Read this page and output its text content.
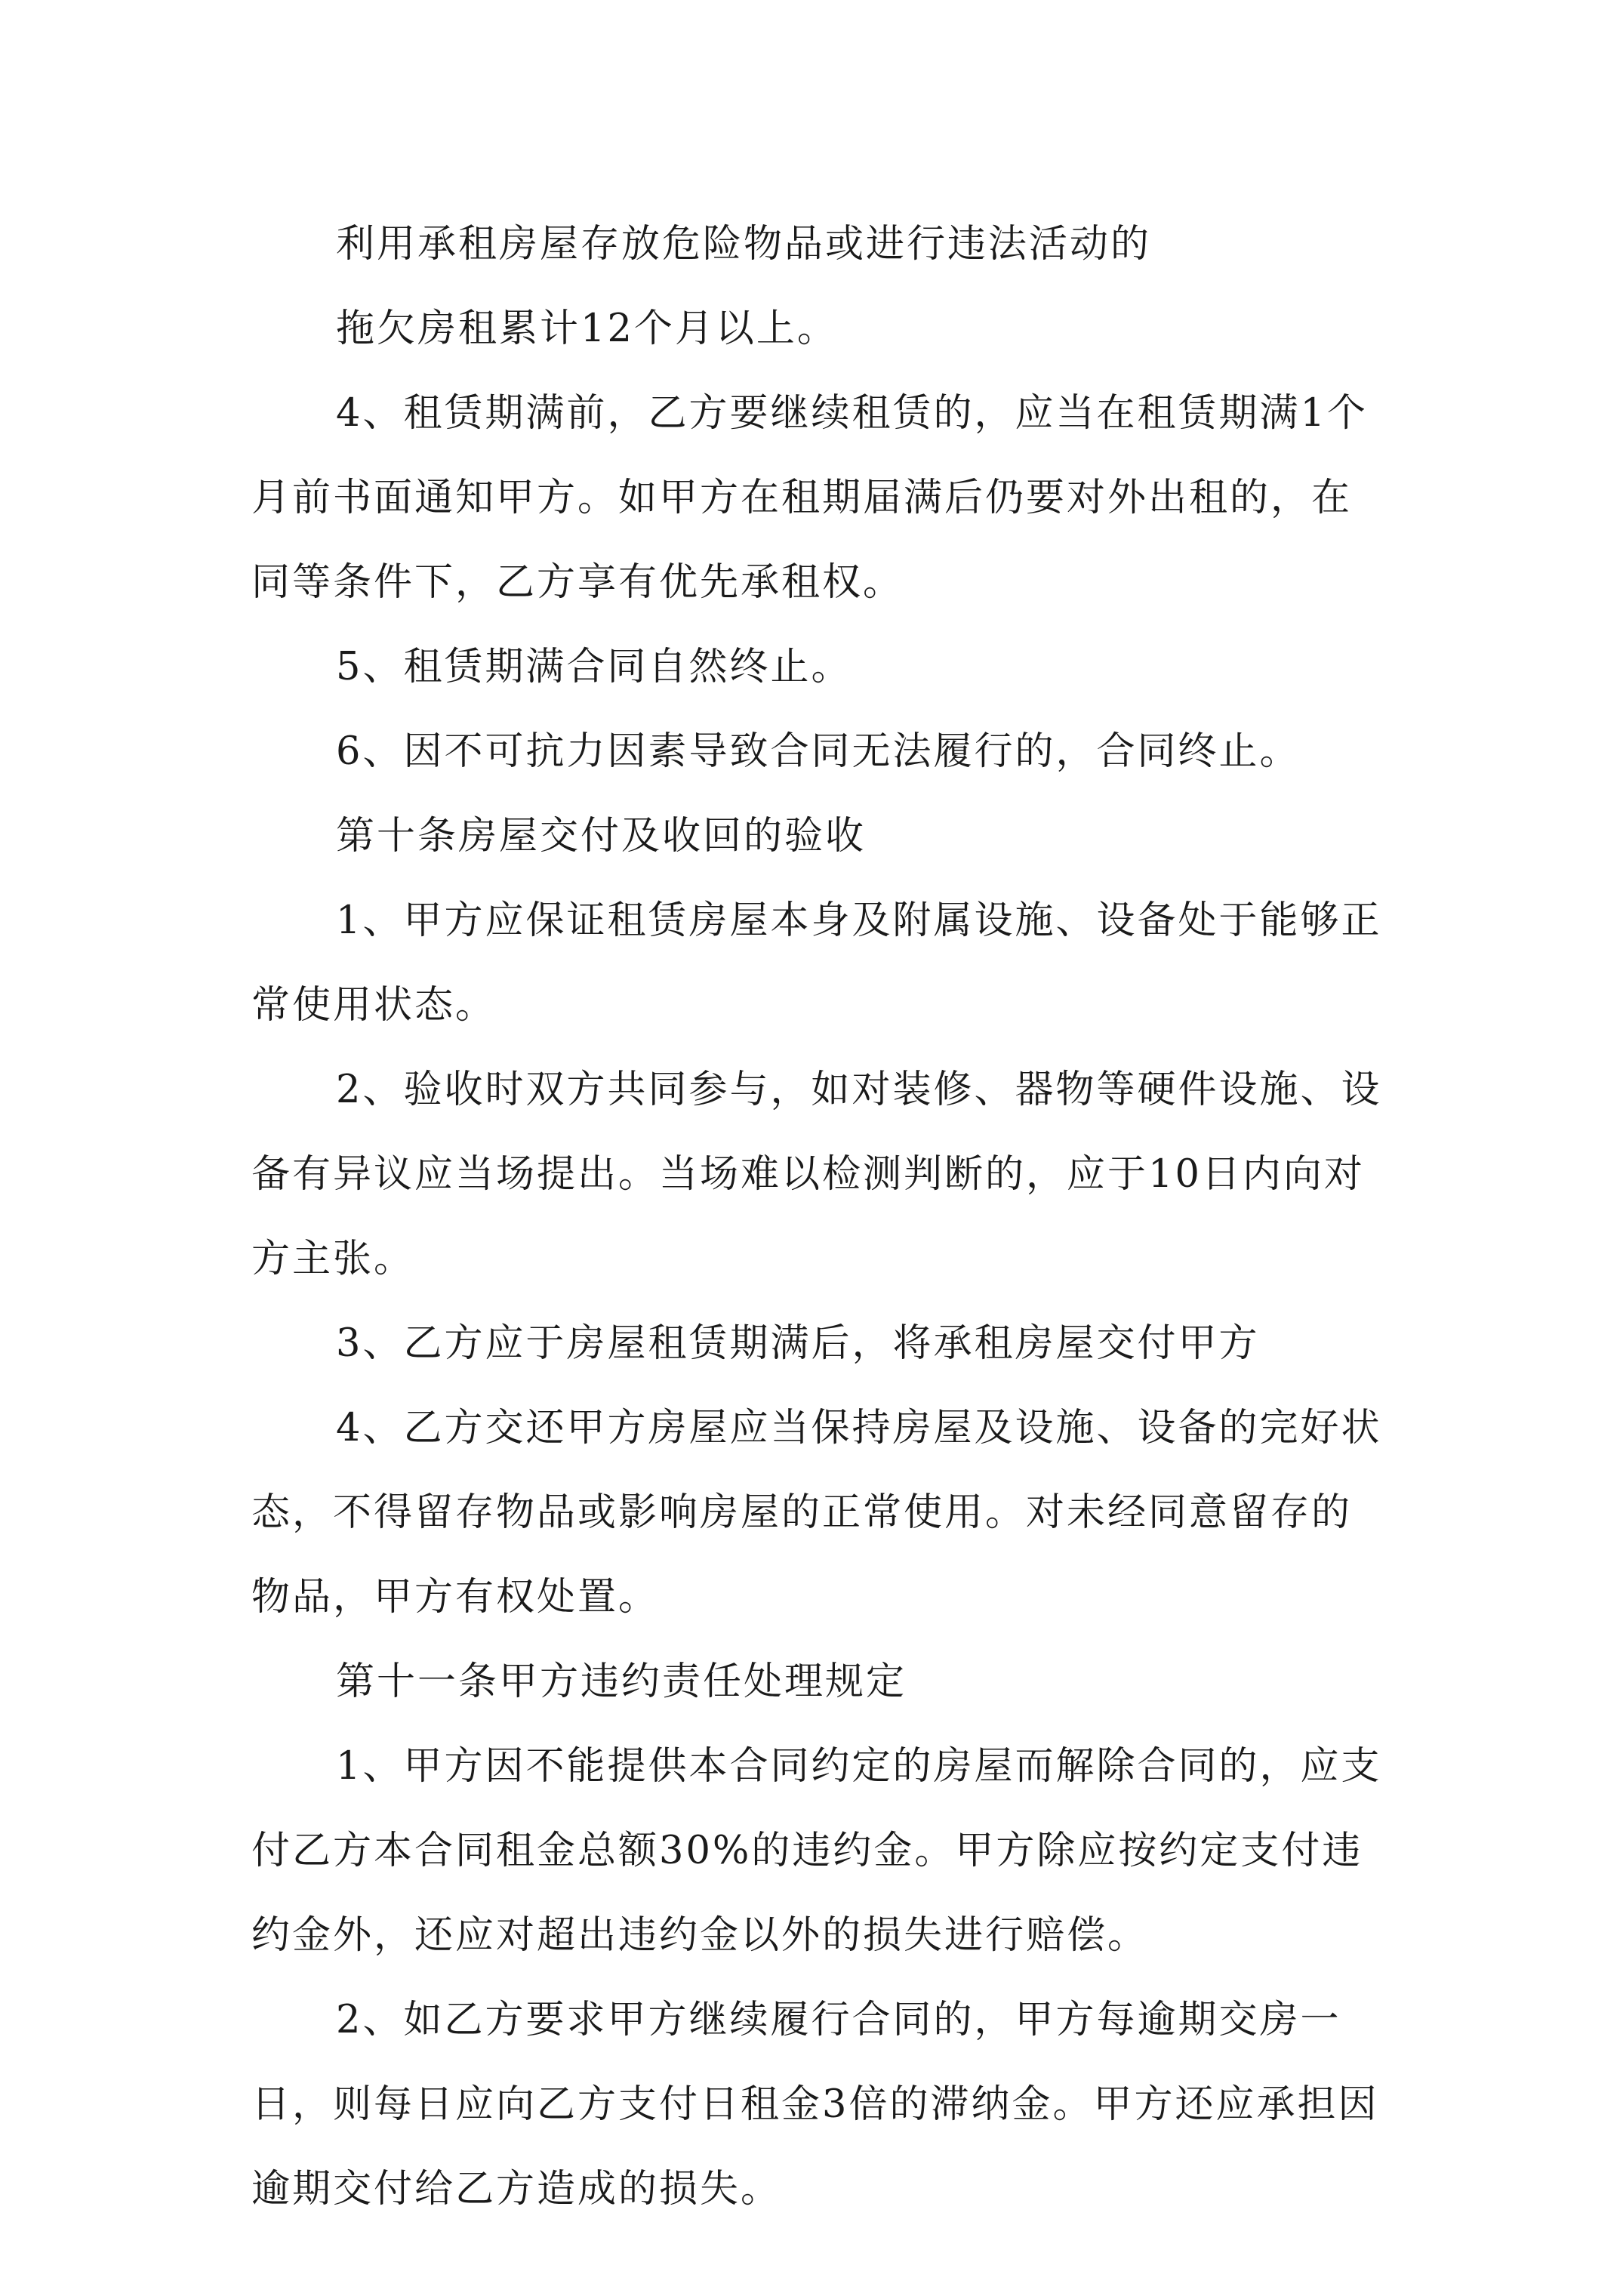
利用承租房屋存放危险物品或进行违法活动的

拖欠房租累计12个月以上。

4、租赁期满前，乙方要继续租赁的，应当在租赁期满1个月前书面通知甲方。如甲方在租期届满后仍要对外出租的，在同等条件下，乙方享有优先承租权。

5、租赁期满合同自然终止。

6、因不可抗力因素导致合同无法履行的，合同终止。

第十条房屋交付及收回的验收

1、甲方应保证租赁房屋本身及附属设施、设备处于能够正常使用状态。

2、验收时双方共同参与，如对装修、器物等硬件设施、设备有异议应当场提出。当场难以检测判断的，应于10日内向对方主张。

3、乙方应于房屋租赁期满后，将承租房屋交付甲方

4、乙方交还甲方房屋应当保持房屋及设施、设备的完好状态，不得留存物品或影响房屋的正常使用。对未经同意留存的物品，甲方有权处置。

第十一条甲方违约责任处理规定

1、甲方因不能提供本合同约定的房屋而解除合同的，应支付乙方本合同租金总额30%的违约金。甲方除应按约定支付违约金外，还应对超出违约金以外的损失进行赔偿。

2、如乙方要求甲方继续履行合同的，甲方每逾期交房一日，则每日应向乙方支付日租金3倍的滞纳金。甲方还应承担因逾期交付给乙方造成的损失。
